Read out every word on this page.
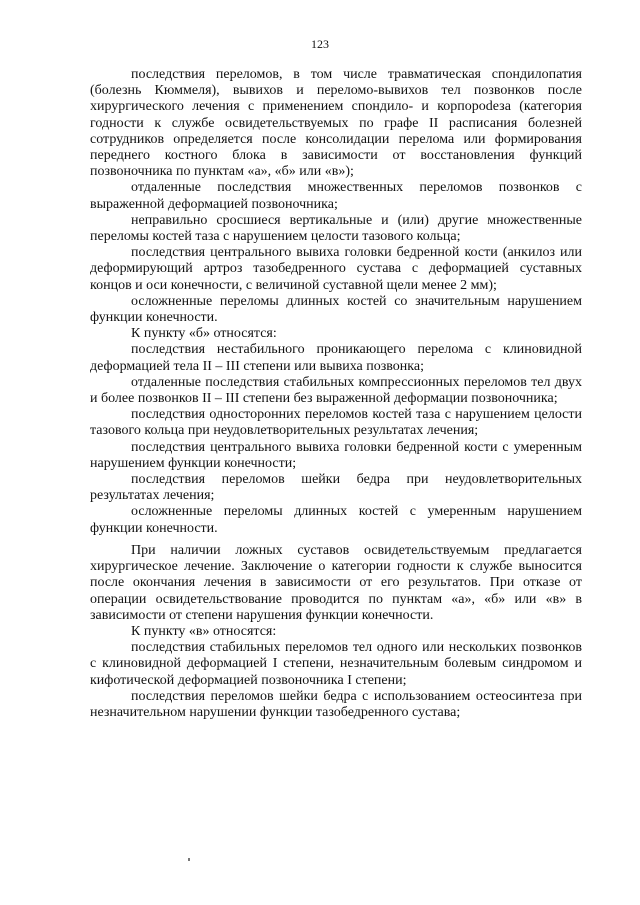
123

последствия переломов, в том числе травматическая спондилопатия (болезнь Кюммеля), вывихов и переломо-вывихов тел позвонков после хирургического лечения с применением спондило- и корпороdеза (категория годности к службе освидетельствуемых по графе II расписания болезней сотрудников определяется после консолидации перелома или формирования переднего костного блока в зависимости от восстановления функций позвоночника по пунктам «а», «б» или «в»);

отдаленные последствия множественных переломов позвонков с выраженной деформацией позвоночника;

неправильно сросшиеся вертикальные и (или) другие множественные переломы костей таза с нарушением целости тазового кольца;

последствия центрального вывиха головки бедренной кости (анкилоз или деформирующий артроз тазобедренного сустава с деформацией суставных концов и оси конечности, с величиной суставной щели менее 2 мм);

осложненные переломы длинных костей со значительным нарушением функции конечности.

К пункту «б» относятся:

последствия нестабильного проникающего перелома с клиновидной деформацией тела II – III степени или вывиха позвонка;

отдаленные последствия стабильных компрессионных переломов тел двух и более позвонков II – III степени без выраженной деформации позвоночника;

последствия односторонних переломов костей таза с нарушением целости тазового кольца при неудовлетворительных результатах лечения;

последствия центрального вывиха головки бедренной кости с умеренным нарушением функции конечности;

последствия переломов шейки бедра при неудовлетворительных результатах лечения;

осложненные переломы длинных костей с умеренным нарушением функции конечности.

При наличии ложных суставов освидетельствуемым предлагается хирургическое лечение. Заключение о категории годности к службе выносится после окончания лечения в зависимости от его результатов. При отказе от операции освидетельствование проводится по пунктам «а», «б» или «в» в зависимости от степени нарушения функции конечности.

К пункту «в» относятся:

последствия стабильных переломов тел одного или нескольких позвонков с клиновидной деформацией I степени, незначительным болевым синдромом и кифотической деформацией позвоночника I степени;

последствия переломов шейки бедра с использованием остеосинтеза при незначительном нарушении функции тазобедренного сустава;
